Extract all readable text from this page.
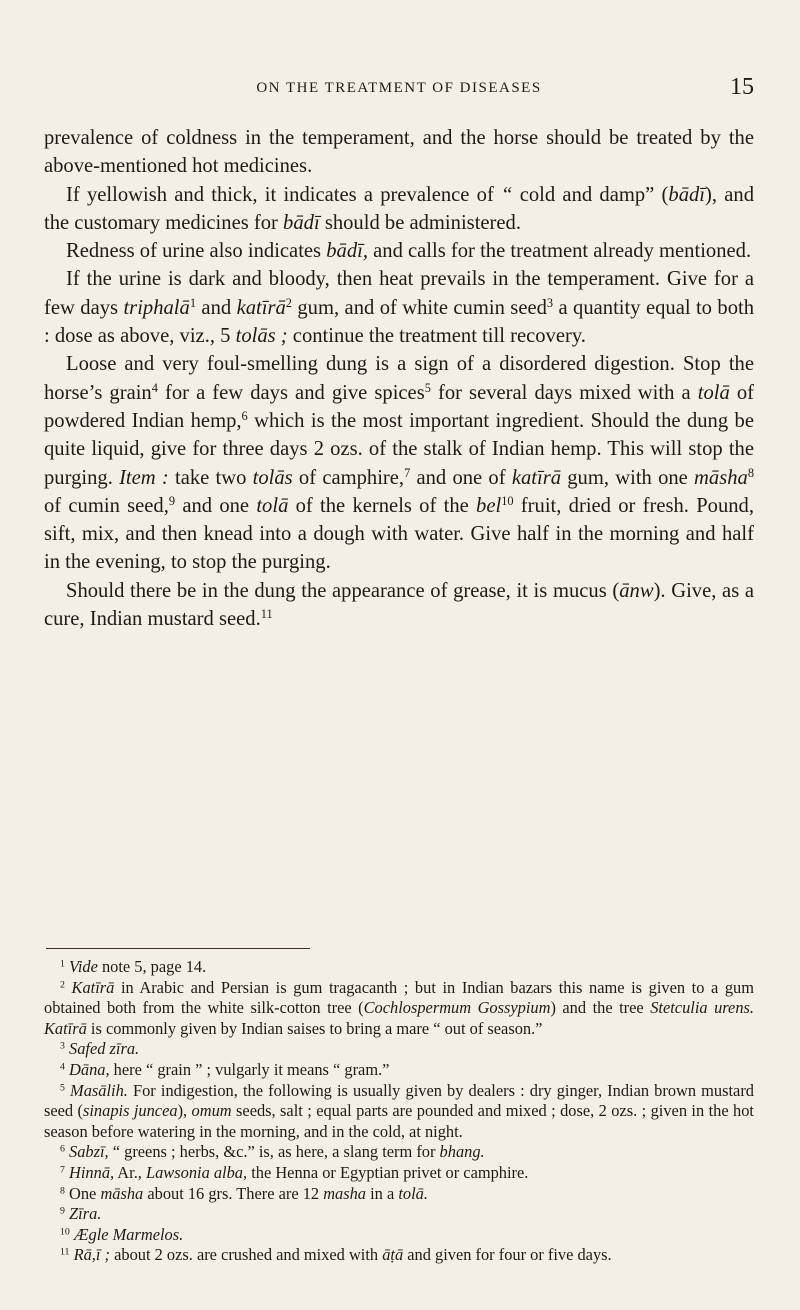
ON THE TREATMENT OF DISEASES	15

prevalence of coldness in the temperament, and the horse should be treated by the above-mentioned hot medicines.

If yellowish and thick, it indicates a prevalence of “ cold and damp” (bādī), and the customary medicines for bādī should be administered.

Redness of urine also indicates bādī, and calls for the treatment already mentioned.

If the urine is dark and bloody, then heat prevails in the temperament. Give for a few days triphalā$^1$ and katīrā$^2$ gum, and of white cumin seed$^3$ a quantity equal to both : dose as above, viz., 5 tolās ; continue the treatment till recovery.

Loose and very foul-smelling dung is a sign of a disordered digestion. Stop the horse’s grain$^4$ for a few days and give spices$^5$ for several days mixed with a tolā of powdered Indian hemp,$^6$ which is the most important ingredient. Should the dung be quite liquid, give for three days 2 ozs. of the stalk of Indian hemp. This will stop the purging. Item : take two tolās of camphire,$^7$ and one of katīrā gum, with one māsha$^8$ of cumin seed,$^9$ and one tolā of the kernels of the bel$^{10}$ fruit, dried or fresh. Pound, sift, mix, and then knead into a dough with water. Give half in the morning and half in the evening, to stop the purging.

Should there be in the dung the appearance of grease, it is mucus (ānw). Give, as a cure, Indian mustard seed.$^{11}$

$^1$ Vide note 5, page 14.

$^2$ Katīrā in Arabic and Persian is gum tragacanth ; but in Indian bazars this name is given to a gum obtained both from the white silk-cotton tree (Cochlospermum Gossypium) and the tree Stetculia urens. Katīrā is commonly given by Indian saises to bring a mare “ out of season.”

$^3$ Safed zīra.

$^4$ Dāna, here “ grain ” ; vulgarly it means “ gram.”

$^5$ Masālih. For indigestion, the following is usually given by dealers : dry ginger, Indian brown mustard seed (sinapis juncea), omum seeds, salt ; equal parts are pounded and mixed ; dose, 2 ozs. ; given in the hot season before watering in the morning, and in the cold, at night.

$^6$ Sabzī, “ greens ; herbs, &c.” is, as here, a slang term for bhang.

$^7$ Hinnā, Ar., Lawsonia alba, the Henna or Egyptian privet or camphire.

$^8$ One māsha about 16 grs. There are 12 masha in a tolā.

$^9$ Zīra.

$^{10}$ Ægle Marmelos.

$^{11}$ Rā,ī ; about 2 ozs. are crushed and mixed with āṭā and given for four or five days.
